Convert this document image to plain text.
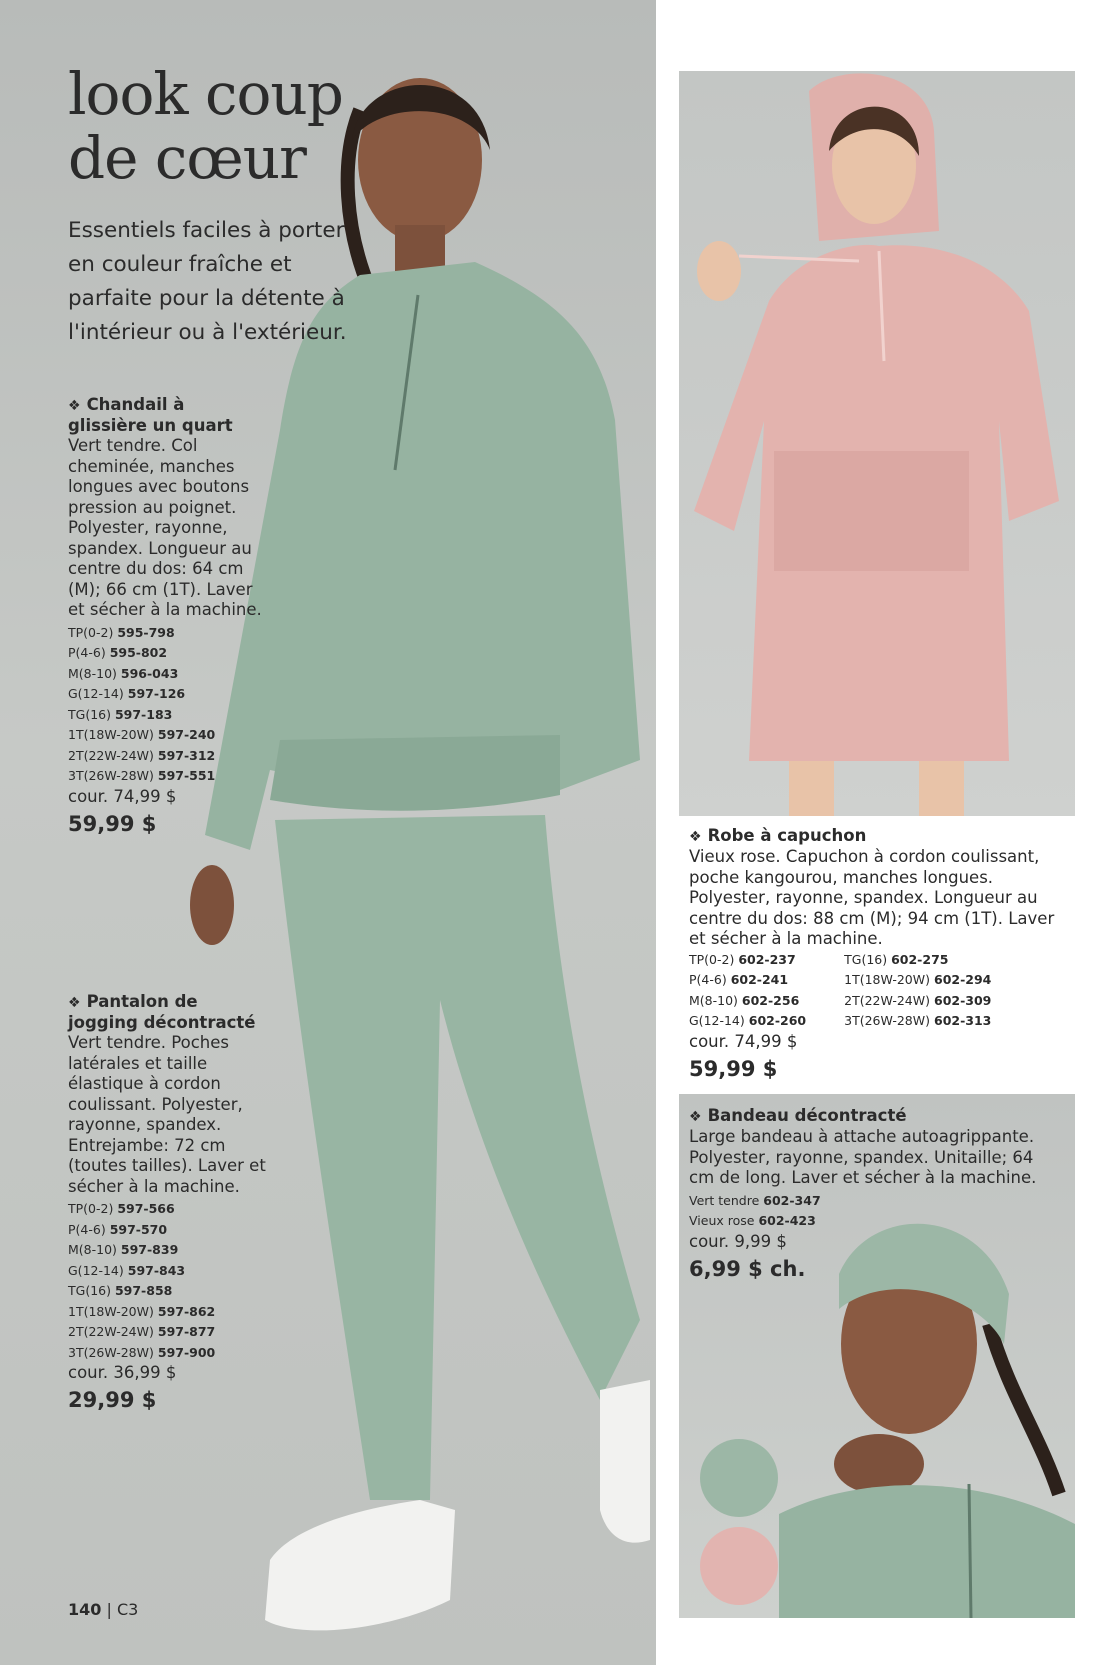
look coup
de cœur

Essentiels faciles à porter en couleur fraîche et parfaite pour la détente à l'intérieur ou à l'extérieur.

❖ Chandail à glissière un quart

Vert tendre. Col cheminée, manches longues avec boutons pression au poignet. Polyester, rayonne, spandex. Longueur au centre du dos: 64 cm (M); 66 cm (1T). Laver et sécher à la machine.

TP(0-2) 595-798
P(4-6) 595-802
M(8-10) 596-043
G(12-14) 597-126
TG(16) 597-183
1T(18W-20W) 597-240
2T(22W-24W) 597-312
3T(26W-28W) 597-551

cour. 74,99 $

59,99 $

❖ Pantalon de jogging décontracté

Vert tendre. Poches latérales et taille élastique à cordon coulissant. Polyester, rayonne, spandex. Entrejambe: 72 cm (toutes tailles). Laver et sécher à la machine.

TP(0-2) 597-566
P(4-6) 597-570
M(8-10) 597-839
G(12-14) 597-843
TG(16) 597-858
1T(18W-20W) 597-862
2T(22W-24W) 597-877
3T(26W-28W) 597-900

cour. 36,99 $

29,99 $

❖ Robe à capuchon

Vieux rose. Capuchon à cordon coulissant, poche kangourou, manches longues. Polyester, rayonne, spandex. Longueur au centre du dos: 88 cm (M); 94 cm (1T). Laver et sécher à la machine.

TP(0-2) 602-237
P(4-6) 602-241
M(8-10) 602-256
G(12-14) 602-260
TG(16) 602-275
1T(18W-20W) 602-294
2T(22W-24W) 602-309
3T(26W-28W) 602-313

cour. 74,99 $

59,99 $

❖ Bandeau décontracté

Large bandeau à attache autoagrippante. Polyester, rayonne, spandex. Unitaille; 64 cm de long. Laver et sécher à la machine.

Vert tendre 602-347
Vieux rose 602-423

cour. 9,99 $

6,99 $ ch.

140 | C3
